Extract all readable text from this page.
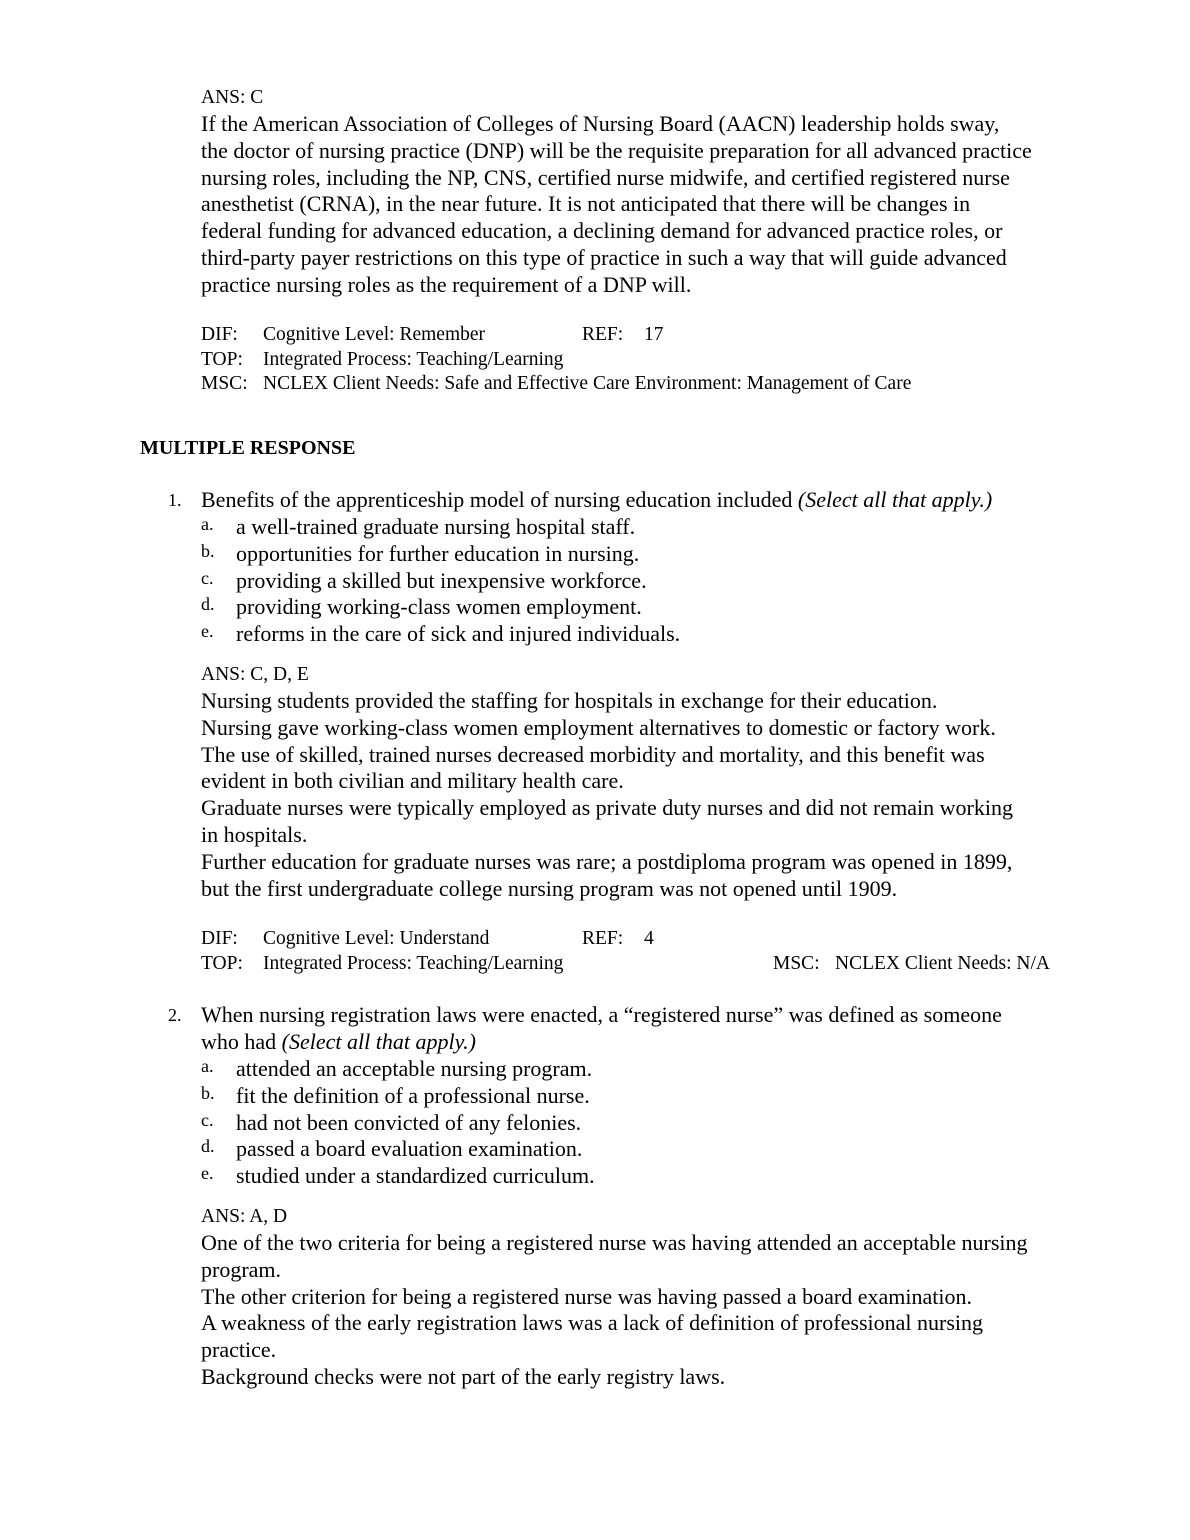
ANS: C
If the American Association of Colleges of Nursing Board (AACN) leadership holds sway,
the doctor of nursing practice (DNP) will be the requisite preparation for all advanced practice
nursing roles, including the NP, CNS, certified nurse midwife, and certified registered nurse
anesthetist (CRNA), in the near future. It is not anticipated that there will be changes in
federal funding for advanced education, a declining demand for advanced practice roles, or
third-party payer restrictions on this type of practice in such a way that will guide advanced
practice nursing roles as the requirement of a DNP will.
DIF: Cognitive Level: Remember	REF: 17
TOP: Integrated Process: Teaching/Learning
MSC: NCLEX Client Needs: Safe and Effective Care Environment: Management of Care
MULTIPLE RESPONSE
1. Benefits of the apprenticeship model of nursing education included (Select all that apply.)
a. a well-trained graduate nursing hospital staff.
b. opportunities for further education in nursing.
c. providing a skilled but inexpensive workforce.
d. providing working-class women employment.
e. reforms in the care of sick and injured individuals.
ANS: C, D, E
Nursing students provided the staffing for hospitals in exchange for their education.
Nursing gave working-class women employment alternatives to domestic or factory work.
The use of skilled, trained nurses decreased morbidity and mortality, and this benefit was
evident in both civilian and military health care.
Graduate nurses were typically employed as private duty nurses and did not remain working
in hospitals.
Further education for graduate nurses was rare; a postdiploma program was opened in 1899,
but the first undergraduate college nursing program was not opened until 1909.
DIF: Cognitive Level: Understand	REF: 4
TOP: Integrated Process: Teaching/Learning	MSC: NCLEX Client Needs: N/A
2. When nursing registration laws were enacted, a “registered nurse” was defined as someone
who had (Select all that apply.)
a. attended an acceptable nursing program.
b. fit the definition of a professional nurse.
c. had not been convicted of any felonies.
d. passed a board evaluation examination.
e. studied under a standardized curriculum.
ANS: A, D
One of the two criteria for being a registered nurse was having attended an acceptable nursing
program.
The other criterion for being a registered nurse was having passed a board examination.
A weakness of the early registration laws was a lack of definition of professional nursing
practice.
Background checks were not part of the early registry laws.
